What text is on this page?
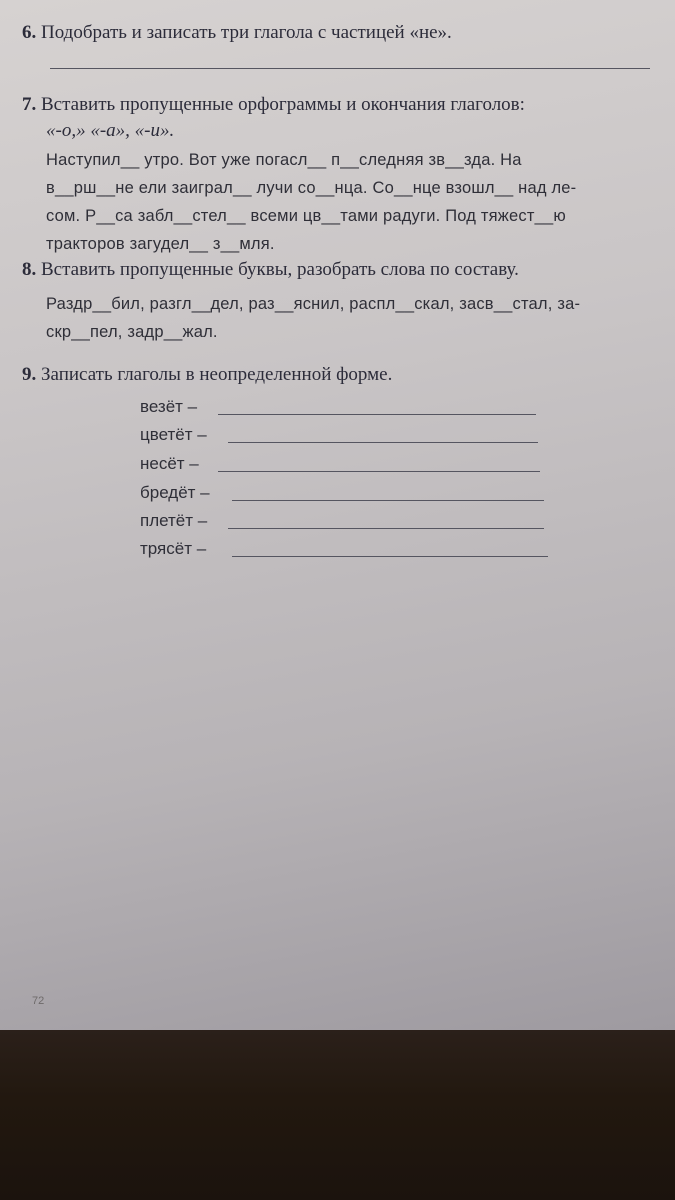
6. Подобрать и записать три глагола с частицей «не».
7. Вставить пропущенные орфограммы и окончания глаголов:
«-о,» «-а», «-и».
Наступил__ утро. Вот уже погасл__ п__следняя зв__зда. На
в__рш__не ели заиграл__ лучи со__нца. Со__нце взошл__ над ле-
сом. Р__са забл__стел__ всеми цв__тами радуги. Под тяжест__ю
тракторов загудел__ з__мля.
8. Вставить пропущенные буквы, разобрать слова по составу.
Раздр__бил, разгл__дел, раз__яснил, распл__скал, засв__стал, за-
скр__пел, задр__жал.
9. Записать глаголы в неопределенной форме.
везёт –
цветёт –
несёт –
бредёт –
плетёт –
трясёт –
72
